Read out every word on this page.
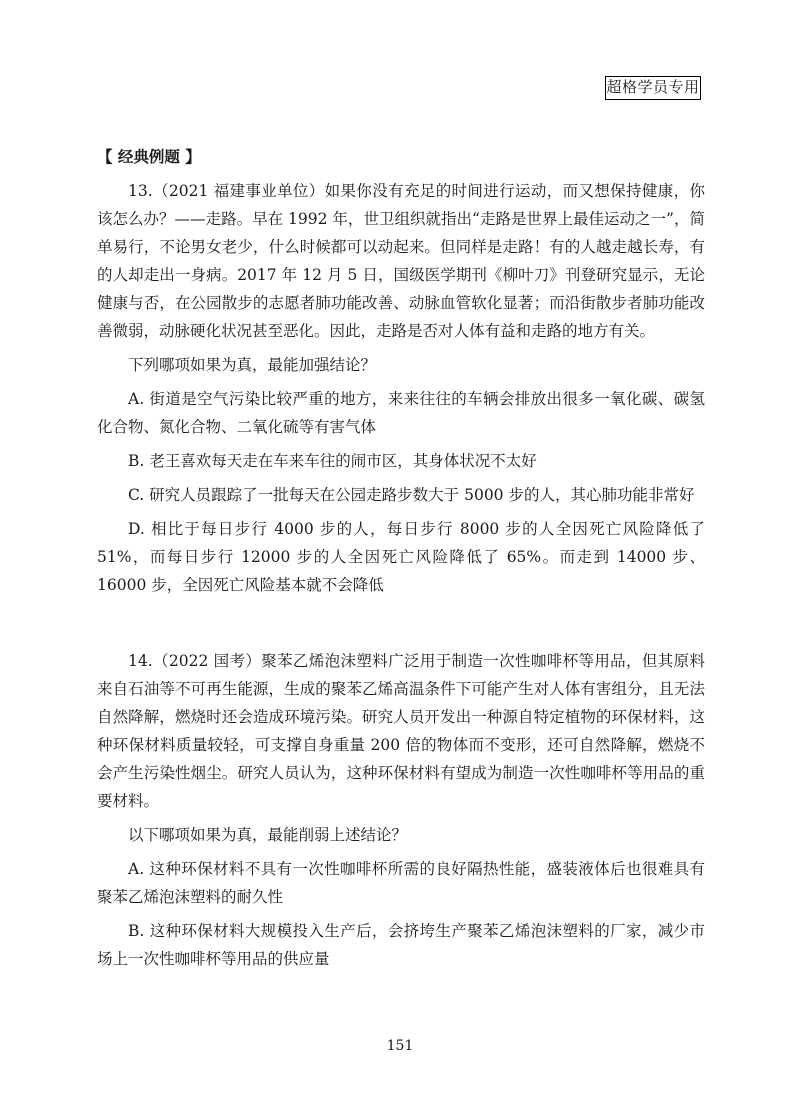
超格学员专用

【 经典例题 】

13.（2021 福建事业单位）如果你没有充足的时间进行运动，而又想保持健康，你该怎么办？——走路。早在 1992 年，世卫组织就指出“走路是世界上最佳运动之一”，简单易行，不论男女老少，什么时候都可以动起来。但同样是走路！有的人越走越长寿，有的人却走出一身病。2017 年 12 月 5 日，国级医学期刊《柳叶刀》刊登研究显示，无论健康与否，在公园散步的志愿者肺功能改善、动脉血管软化显著；而沿街散步者肺功能改善微弱，动脉硬化状况甚至恶化。因此，走路是否对人体有益和走路的地方有关。

下列哪项如果为真，最能加强结论？

A. 街道是空气污染比较严重的地方，来来往往的车辆会排放出很多一氧化碳、碳氢化合物、氮化合物、二氧化硫等有害气体

B. 老王喜欢每天走在车来车往的闹市区，其身体状况不太好

C. 研究人员跟踪了一批每天在公园走路步数大于 5000 步的人，其心肺功能非常好

D. 相比于每日步行 4000 步的人，每日步行 8000 步的人全因死亡风险降低了 51%，而每日步行 12000 步的人全因死亡风险降低了 65%。而走到 14000 步、16000 步，全因死亡风险基本就不会降低

14.（2022 国考）聚苯乙烯泡沫塑料广泛用于制造一次性咖啡杯等用品，但其原料来自石油等不可再生能源，生成的聚苯乙烯高温条件下可能产生对人体有害组分，且无法自然降解，燃烧时还会造成环境污染。研究人员开发出一种源自特定植物的环保材料，这种环保材料质量较轻，可支撑自身重量 200 倍的物体而不变形，还可自然降解，燃烧不会产生污染性烟尘。研究人员认为，这种环保材料有望成为制造一次性咖啡杯等用品的重要材料。

以下哪项如果为真，最能削弱上述结论？

A. 这种环保材料不具有一次性咖啡杯所需的良好隔热性能，盛装液体后也很难具有聚苯乙烯泡沫塑料的耐久性

B. 这种环保材料大规模投入生产后，会挤垮生产聚苯乙烯泡沫塑料的厂家，减少市场上一次性咖啡杯等用品的供应量

151
